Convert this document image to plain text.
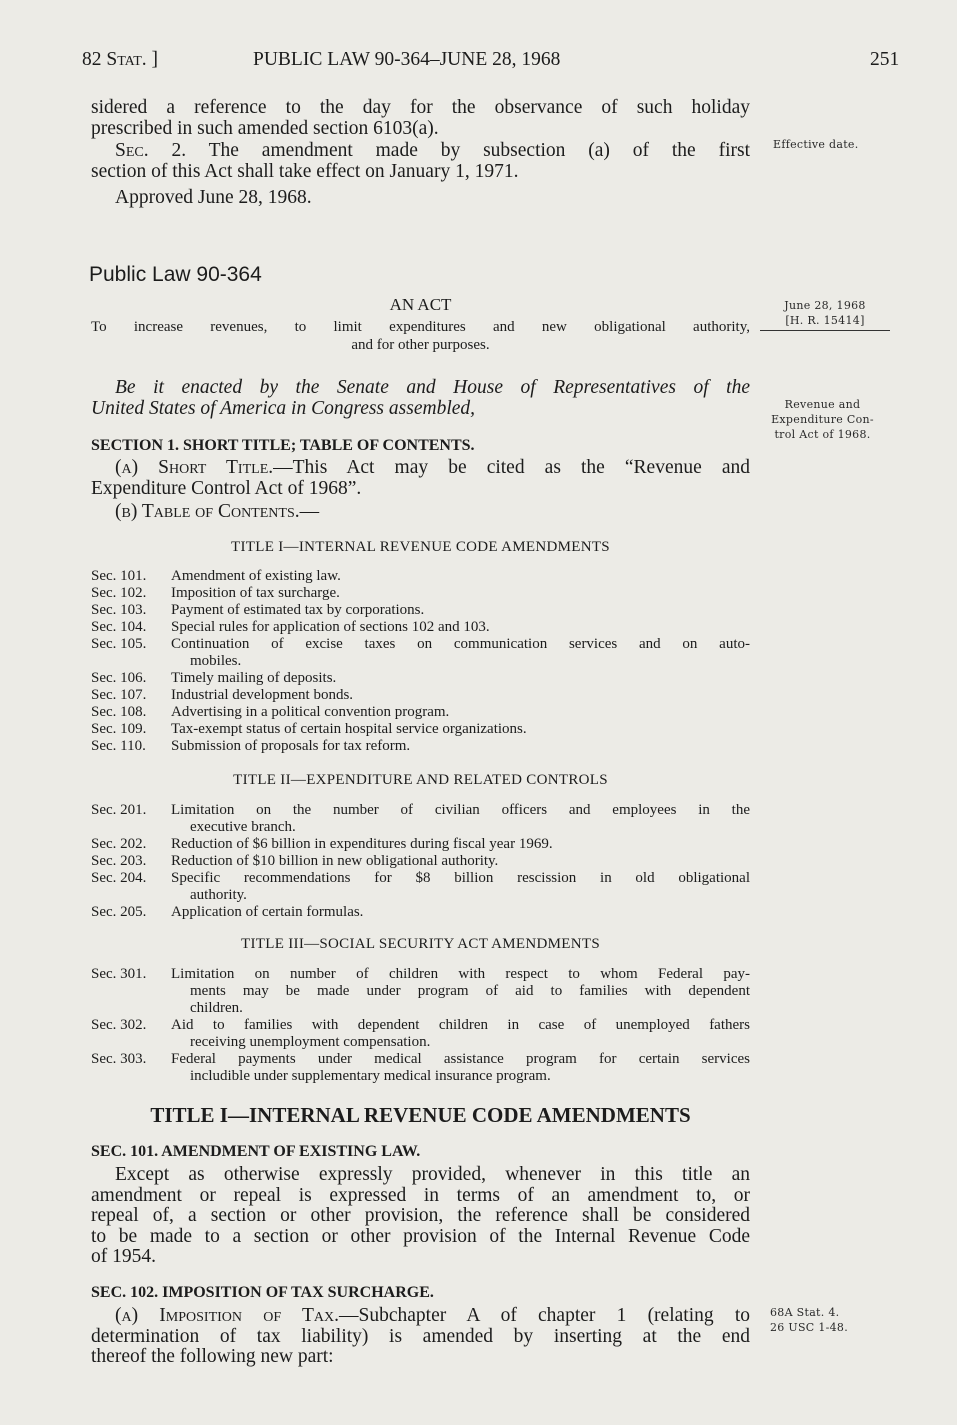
82 Stat. ]	PUBLIC LAW 90-364–JUNE 28, 1968	251
sidered a reference to the day for the observance of such holiday
prescribed in such amended section 6103(a).
Sec. 2. The amendment made by subsection (a) of the first
section of this Act shall take effect on January 1, 1971.
Approved June 28, 1968.
Effective date.
June 28, 1968
[H. R. 15414]
Revenue and
Expenditure Con-
trol Act of 1968.
68A Stat. 4.
26 USC 1-48.
Public Law 90-364
AN ACT
To increase revenues, to limit expenditures and new obligational authority,
and for other purposes.
Be it enacted by the Senate and House of Representatives of the
United States of America in Congress assembled,
SECTION 1. SHORT TITLE; TABLE OF CONTENTS.
(a) Short Title.—This Act may be cited as the “Revenue and
Expenditure Control Act of 1968”.
(b) Table of Contents.—
TITLE I—INTERNAL REVENUE CODE AMENDMENTS
Sec. 101.	Amendment of existing law.
Sec. 102.	Imposition of tax surcharge.
Sec. 103.	Payment of estimated tax by corporations.
Sec. 104.	Special rules for application of sections 102 and 103.
Sec. 105.	Continuation of excise taxes on communication services and on auto-
mobiles.
Sec. 106.	Timely mailing of deposits.
Sec. 107.	Industrial development bonds.
Sec. 108.	Advertising in a political convention program.
Sec. 109.	Tax-exempt status of certain hospital service organizations.
Sec. 110.	Submission of proposals for tax reform.
TITLE II—EXPENDITURE AND RELATED CONTROLS
Sec. 201.	Limitation on the number of civilian officers and employees in the
executive branch.
Sec. 202.	Reduction of $6 billion in expenditures during fiscal year 1969.
Sec. 203.	Reduction of $10 billion in new obligational authority.
Sec. 204.	Specific recommendations for $8 billion rescission in old obligational
authority.
Sec. 205.	Application of certain formulas.
TITLE III—SOCIAL SECURITY ACT AMENDMENTS
Sec. 301.	Limitation on number of children with respect to whom Federal pay-
ments may be made under program of aid to families with dependent
children.
Sec. 302.	Aid to families with dependent children in case of unemployed fathers
receiving unemployment compensation.
Sec. 303.	Federal payments under medical assistance program for certain services
includible under supplementary medical insurance program.
TITLE I—INTERNAL REVENUE CODE AMENDMENTS
SEC. 101. AMENDMENT OF EXISTING LAW.
Except as otherwise expressly provided, whenever in this title an
amendment or repeal is expressed in terms of an amendment to, or
repeal of, a section or other provision, the reference shall be considered
to be made to a section or other provision of the Internal Revenue Code
of 1954.
SEC. 102. IMPOSITION OF TAX SURCHARGE.
(a) Imposition of Tax.—Subchapter A of chapter 1 (relating to
determination of tax liability) is amended by inserting at the end
thereof the following new part:
